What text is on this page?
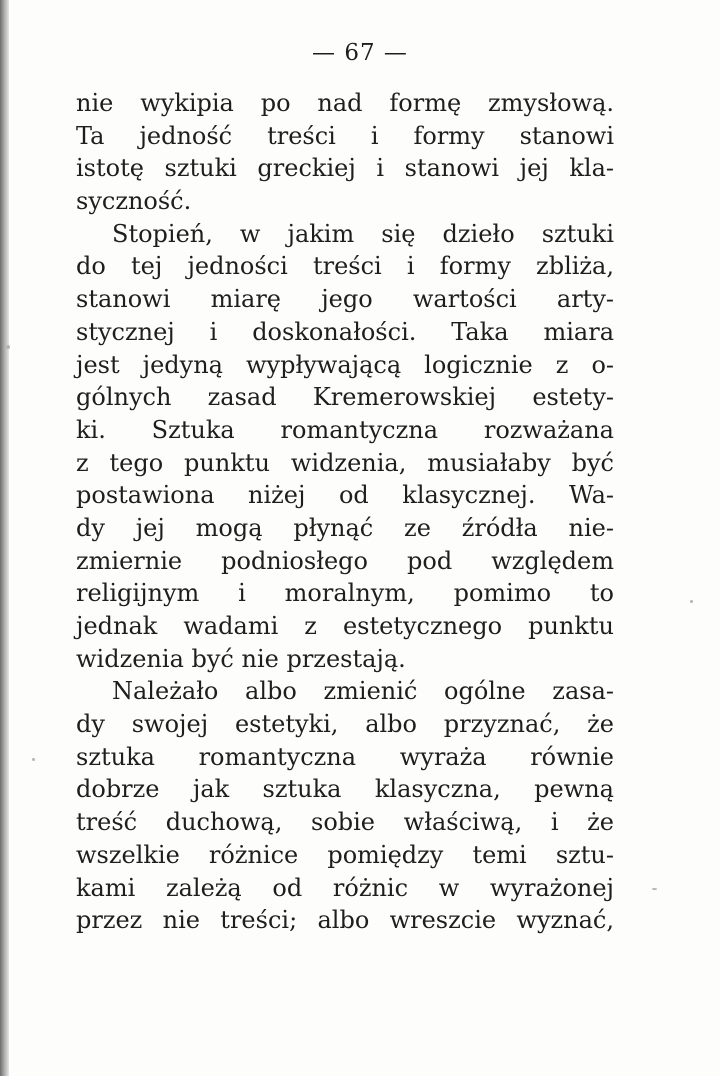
— 67 —
nie wykipia po nad formę zmysłową.
Ta jedność treści i formy stanowi
istotę sztuki greckiej i stanowi jej kla-
syczność.
Stopień, w jakim się dzieło sztuki
do tej jedności treści i formy zbliża,
stanowi miarę jego wartości arty-
stycznej i doskonałości. Taka miara
jest jedyną wypływającą logicznie z o-
gólnych zasad Kremerowskiej estety-
ki. Sztuka romantyczna rozważana
z tego punktu widzenia, musiałaby być
postawiona niżej od klasycznej. Wa-
dy jej mogą płynąć ze źródła nie-
zmiernie podniosłego pod względem
religijnym i moralnym, pomimo to
jednak wadami z estetycznego punktu
widzenia być nie przestają.
Należało albo zmienić ogólne zasa-
dy swojej estetyki, albo przyznać, że
sztuka romantyczna wyraża równie
dobrze jak sztuka klasyczna, pewną
treść duchową, sobie właściwą, i że
wszelkie różnice pomiędzy temi sztu-
kami zależą od różnic w wyrażonej
przez nie treści; albo wreszcie wyznać,
